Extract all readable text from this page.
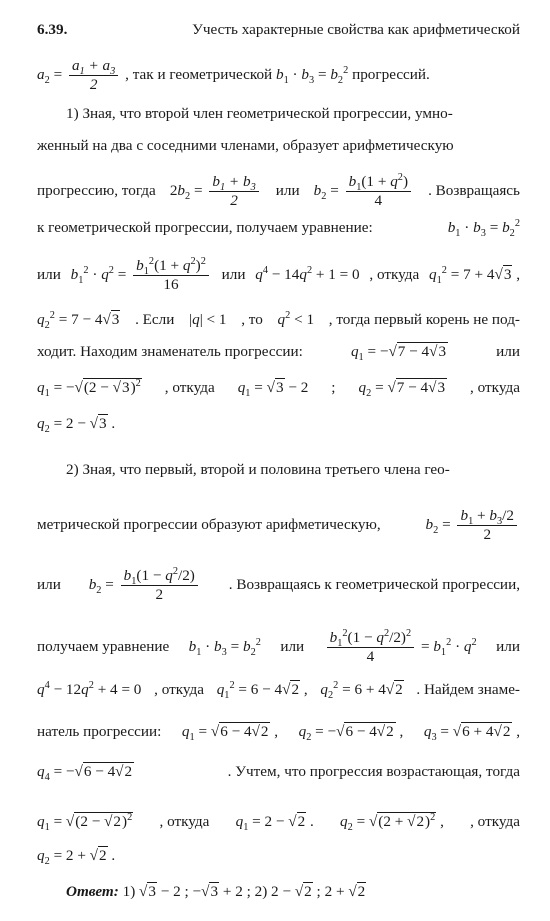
6.39.	Учесть характерные свойства как арифметической
$a_2 = \frac{a_1 + a_3}{2}$ , так и геометрической $b_1 \cdot b_3 = b_2^2$ прогрессий.
1) Зная, что второй член геометрической прогрессии, умно-
женный на два с соседними членами, образует арифметическую
прогрессию, тогда $2b_2 = \frac{b_1 + b_3}{2}$ или $b_2 = \frac{b_1(1 + q^2)}{4}$ . Возвращаясь
к геометрической прогрессии, получаем уравнение:	$b_1 \cdot b_3 = b_2^2$
или $b_1^2 \cdot q^2 = \frac{b_1^2(1 + q^2)^2}{16}$ или $q^4 - 14q^2 + 1 = 0$ , откуда $q_1^2 = 7 + 4√3$ ,
$q_2^2 = 7 - 4√3$ . Если |q| < 1 , то $q^2 < 1$ , тогда первый корень не под-
ходит. Находим знаменатель прогрессии:	$q_1 = -√7 - 4√3$	или
$q_1 = -√(2 - √3)^2$ , откуда $q_1 = √3 - 2$ ; $q_2 = √7 - 4√3$ , откуда
$q_2 = 2 - √3$ .
2) Зная, что первый, второй и половина третьего члена гео-
метрической прогрессии образуют арифметическую,	$b_2 = \frac{b_1 + b_3/2}{2}$
или $b_2 = \frac{b_1(1 - q^2/2)}{2}$ . Возвращаясь к геометрической прогрессии,
получаем уравнение $b_1 \cdot b_3 = b_2^2$ или $\frac{b_1^2(1 - q^2/2)^2}{4} = b_1^2 \cdot q^2$ или
$q^4 - 12q^2 + 4 = 0$ , откуда $q_1^2 = 6 - 4√2$ , $q_2^2 = 6 + 4√2$ . Найдем знаме-
натель прогрессии: $q_1 = √6 - 4√2$ , $q_2 = -√6 - 4√2$ , $q_3 = √6 + 4√2$ ,
$q_4 = -√6 - 4√2$	. Учтем, что прогрессия возрастающая, тогда
$q_1 = √(2 - √2)^2$ , откуда $q_1 = 2 - √2$ . $q_2 = √(2 + √2)^2$ , , откуда
$q_2 = 2 + √2$ .
Ответ: 1) √3 − 2 ; −√3 + 2 ; 2) 2 − √2 ; 2 + √2
